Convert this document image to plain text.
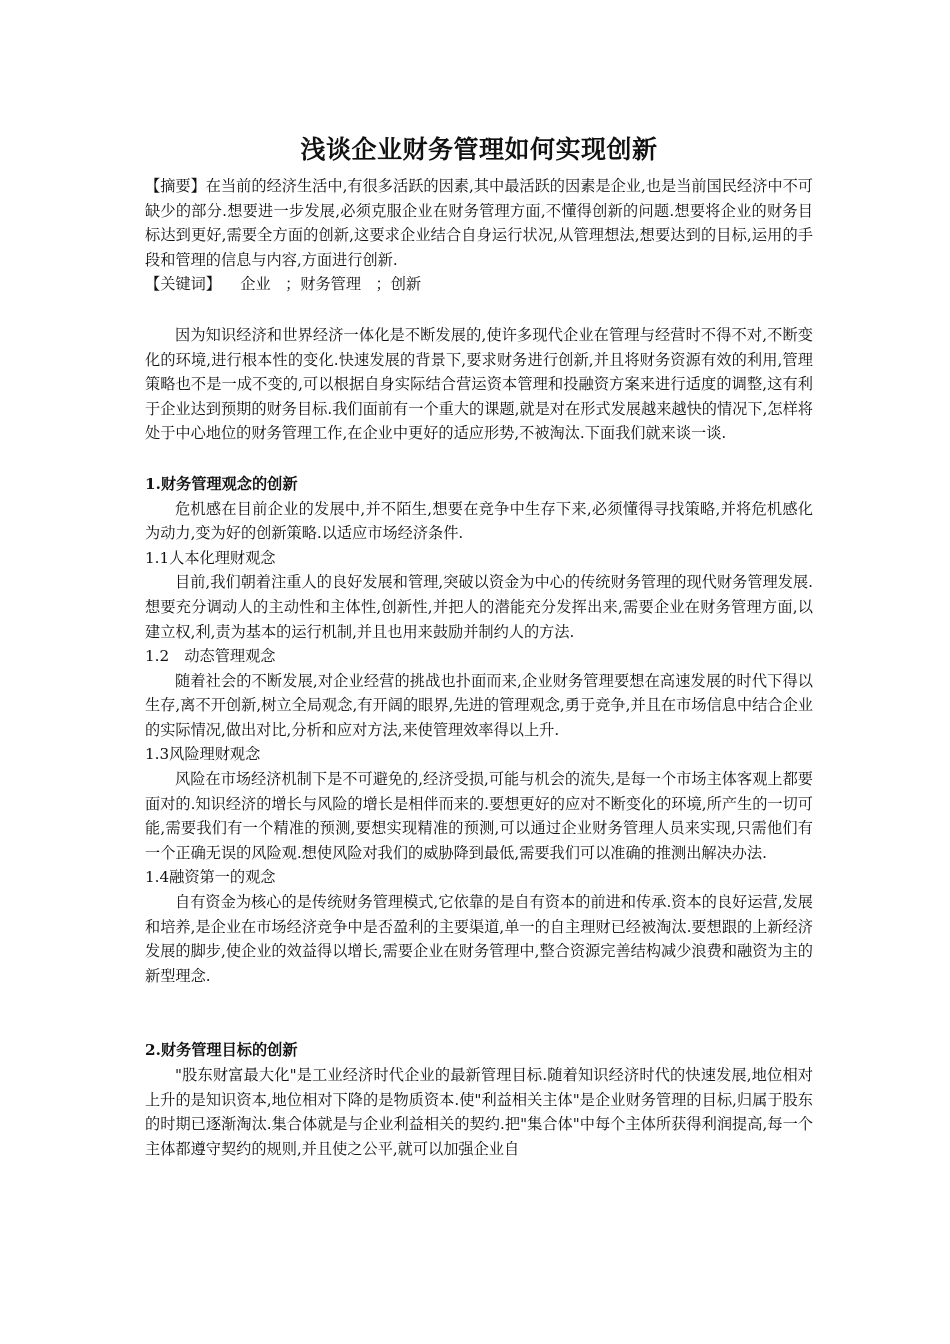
浅谈企业财务管理如何实现创新

【摘要】在当前的经济生活中,有很多活跃的因素,其中最活跃的因素是企业,也是当前国民经济中不可缺少的部分.想要进一步发展,必须克服企业在财务管理方面,不懂得创新的问题.想要将企业的财务目标达到更好,需要全方面的创新,这要求企业结合自身运行状况,从管理想法,想要达到的目标,运用的手段和管理的信息与内容,方面进行创新.

【关键词】 企业 ；财务管理 ；创新

因为知识经济和世界经济一体化是不断发展的,使许多现代企业在管理与经营时不得不对,不断变化的环境,进行根本性的变化.快速发展的背景下,要求财务进行创新,并且将财务资源有效的利用,管理策略也不是一成不变的,可以根据自身实际结合营运资本管理和投融资方案来进行适度的调整,这有利于企业达到预期的财务目标.我们面前有一个重大的课题,就是对在形式发展越来越快的情况下,怎样将处于中心地位的财务管理工作,在企业中更好的适应形势,不被淘汰.下面我们就来谈一谈.

1.财务管理观念的创新

危机感在目前企业的发展中,并不陌生,想要在竞争中生存下来,必须懂得寻找策略,并将危机感化为动力,变为好的创新策略.以适应市场经济条件.

1.1人本化理财观念

目前,我们朝着注重人的良好发展和管理,突破以资金为中心的传统财务管理的现代财务管理发展.想要充分调动人的主动性和主体性,创新性,并把人的潜能充分发挥出来,需要企业在财务管理方面,以建立权,利,责为基本的运行机制,并且也用来鼓励并制约人的方法.

1.2　动态管理观念

随着社会的不断发展,对企业经营的挑战也扑面而来,企业财务管理要想在高速发展的时代下得以生存,离不开创新,树立全局观念,有开阔的眼界,先进的管理观念,勇于竞争,并且在市场信息中结合企业的实际情况,做出对比,分析和应对方法,来使管理效率得以上升.

1.3风险理财观念

风险在市场经济机制下是不可避免的,经济受损,可能与机会的流失,是每一个市场主体客观上都要面对的.知识经济的增长与风险的增长是相伴而来的.要想更好的应对不断变化的环境,所产生的一切可能,需要我们有一个精准的预测,要想实现精准的预测,可以通过企业财务管理人员来实现,只需他们有一个正确无误的风险观.想使风险对我们的威胁降到最低,需要我们可以准确的推测出解决办法.

1.4融资第一的观念

自有资金为核心的是传统财务管理模式,它依靠的是自有资本的前进和传承.资本的良好运营,发展和培养,是企业在市场经济竞争中是否盈利的主要渠道,单一的自主理财已经被淘汰.要想跟的上新经济发展的脚步,使企业的效益得以增长,需要企业在财务管理中,整合资源完善结构减少浪费和融资为主的新型理念.

2.财务管理目标的创新

"股东财富最大化"是工业经济时代企业的最新管理目标.随着知识经济时代的快速发展,地位相对上升的是知识资本,地位相对下降的是物质资本.使"利益相关主体"是企业财务管理的目标,归属于股东的时期已逐渐淘汰.集合体就是与企业利益相关的契约.把"集合体"中每个主体所获得利润提高,每一个主体都遵守契约的规则,并且使之公平,就可以加强企业自
